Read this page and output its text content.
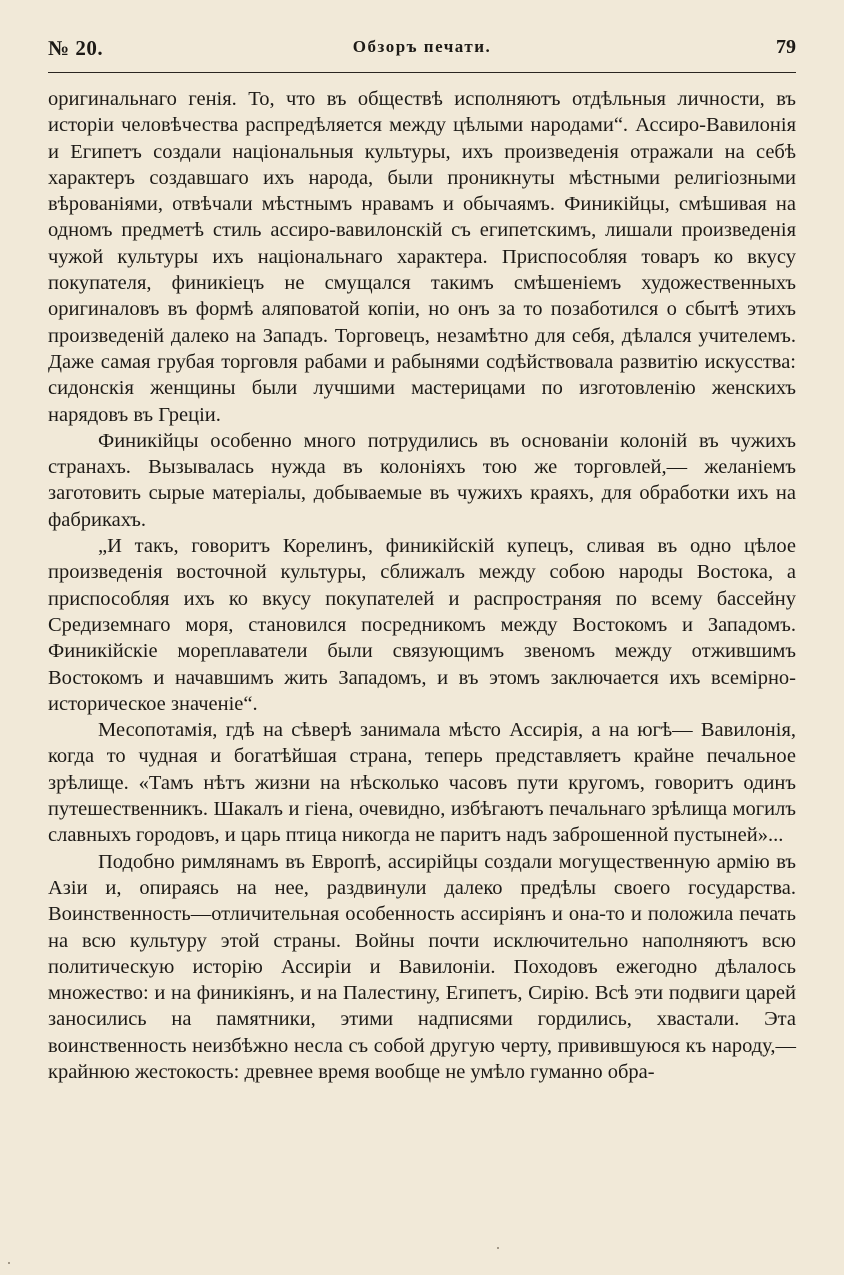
№ 20.	Обзоръ печати.	79

оригинальнаго генія. То, что въ обществѣ исполняютъ отдѣльныя личности, въ исторіи человѣчества распредѣляется между цѣлыми народами“. Ассиро-Вавилонія и Египетъ создали національныя культуры, ихъ произведенія отражали на себѣ характеръ создавшаго ихъ народа, были проникнуты мѣстными религіозными вѣрованіями, отвѣчали мѣстнымъ нравамъ и обычаямъ. Финикійцы, смѣшивая на одномъ предметѣ стиль ассиро-вавилонскій съ египетскимъ, лишали произведенія чужой культуры ихъ національнаго характера. Приспособляя товаръ ко вкусу покупателя, финикіецъ не смущался такимъ смѣшеніемъ художественныхъ оригиналовъ въ формѣ аляповатой копіи, но онъ за то позаботился о сбытѣ этихъ произведеній далеко на Западъ. Торговецъ, незамѣтно для себя, дѣлался учителемъ. Даже самая грубая торговля рабами и рабынями содѣйствовала развитію искусства: сидонскія женщины были лучшими мастерицами по изготовленію женскихъ нарядовъ въ Греціи.

Финикійцы особенно много потрудились въ основаніи колоній въ чужихъ странахъ. Вызывалась нужда въ колоніяхъ тою же торговлей,— желаніемъ заготовить сырые матеріалы, добываемые въ чужихъ краяхъ, для обработки ихъ на фабрикахъ.

„И такъ, говоритъ Корелинъ, финикійскій купецъ, сливая въ одно цѣлое произведенія восточной культуры, сближалъ между собою народы Востока, а приспособляя ихъ ко вкусу покупателей и распространяя по всему бассейну Средиземнаго моря, становился посредникомъ между Востокомъ и Западомъ. Финикійскіе мореплаватели были связующимъ звеномъ между отжившимъ Востокомъ и начавшимъ жить Западомъ, и въ этомъ заключается ихъ всемірно-историческое значеніе“.

Месопотамія, гдѣ на сѣверѣ занимала мѣсто Ассирія, а на югѣ— Вавилонія, когда то чудная и богатѣйшая страна, теперь представляетъ крайне печальное зрѣлище. «Тамъ нѣтъ жизни на нѣсколько часовъ пути кругомъ, говоритъ одинъ путешественникъ. Шакалъ и гіена, очевидно, избѣгаютъ печальнаго зрѣлища могилъ славныхъ городовъ, и царь птица никогда не паритъ надъ заброшенной пустыней»...

Подобно римлянамъ въ Европѣ, ассирійцы создали могущественную армію въ Азіи и, опираясь на нее, раздвинули далеко предѣлы своего государства. Воинственность—отличительная особенность ассиріянъ и она-то и положила печать на всю культуру этой страны. Войны почти исключительно наполняютъ всю политическую исторію Ассиріи и Вавилоніи. Походовъ ежегодно дѣлалось множество: и на финикіянъ, и на Палестину, Египетъ, Сирію. Всѣ эти подвиги царей заносились на памятники, этими надписями гордились, хвастали. Эта воинственность неизбѣжно несла съ собой другую черту, привившуюся къ народу,— крайнюю жестокость: древнее время вообще не умѣло гуманно обра-
